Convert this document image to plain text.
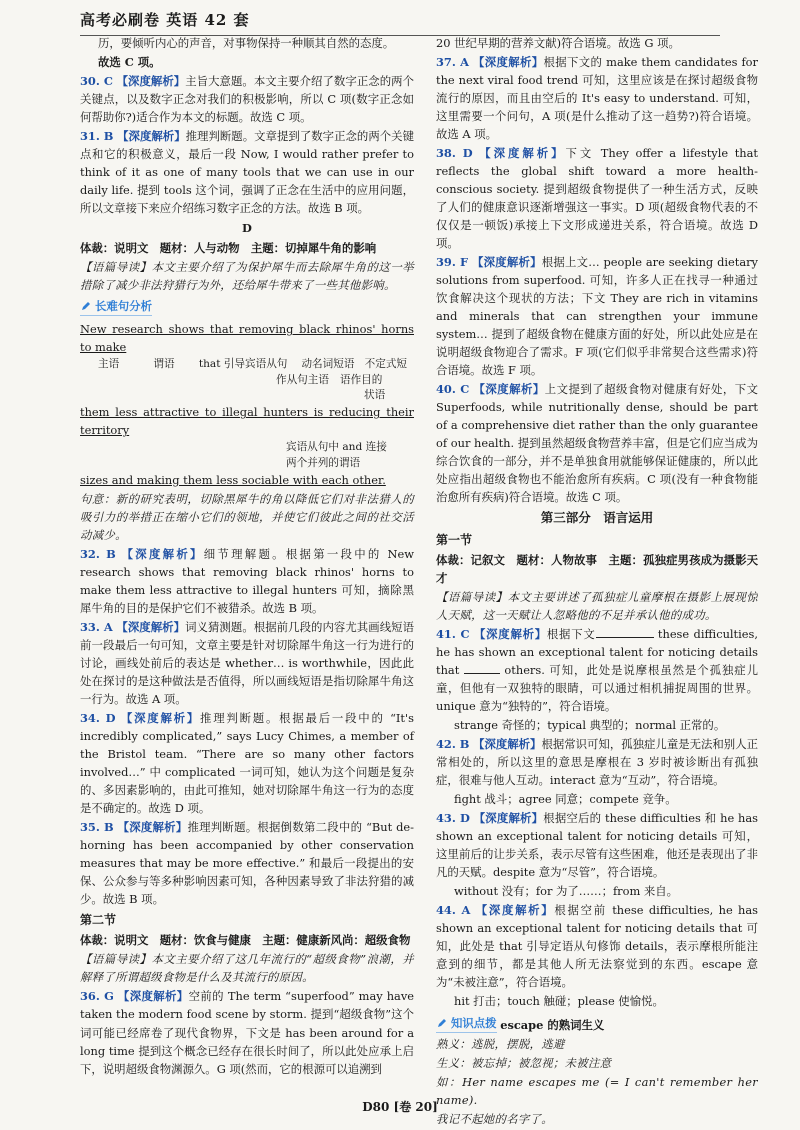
高考必刷卷 英语 42 套

历，要倾听内心的声音，对事物保持一种顺其自然的态度。

故选 C 项。

30. C 【深度解析】主旨大意题。本文主要介绍了数字正念的两个关键点，以及数字正念对我们的积极影响，所以 C 项(数字正念如何帮助你?)适合作为本文的标题。故选 C 项。

31. B 【深度解析】推理判断题。文章提到了数字正念的两个关键点和它的积极意义，最后一段 Now, I would rather prefer to think of it as one of many tools that we can use in our daily life. 提到 tools 这个词，强调了正念在生活中的应用问题，所以文章接下来应介绍练习数字正念的方法。故选 B 项。

D

体裁：说明文　题材：人与动物　主题：切掉犀牛角的影响

【语篇导读】本文主要介绍了为保护犀牛而去除犀牛角的这一举措除了减少非法狩猎行为外，还给犀牛带来了一些其他影响。

长难句分析

New research shows that removing black rhinos' horns to make

主语	谓语	that 引导宾语从句	动名词短语 不定式短
作从句主语	语作目的
状语

them less attractive to illegal hunters is reducing their territory

宾语从句中 and 连接
两个并列的谓语

sizes and making them less sociable with each other.

句意：新的研究表明，切除黑犀牛的角以降低它们对非法猎人的吸引力的举措正在缩小它们的领地，并使它们彼此之间的社交活动减少。

32. B 【深度解析】细节理解题。根据第一段中的 New research shows that removing black rhinos' horns to make them less attractive to illegal hunters 可知，摘除黑犀牛角的目的是保护它们不被猎杀。故选 B 项。

33. A 【深度解析】词义猜测题。根据前几段的内容尤其画线短语前一段最后一句可知，文章主要是针对切除犀牛角这一行为进行的讨论，画线处前后的表达是 whether… is worthwhile，因此此处在探讨的是这种做法是否值得，所以画线短语是指切除犀牛角这一行为。故选 A 项。

34. D 【深度解析】推理判断题。根据最后一段中的 “It's incredibly complicated,” says Lucy Chimes, a member of the Bristol team. “There are so many other factors involved…” 中 complicated 一词可知，她认为这个问题是复杂的、多因素影响的，由此可推知，她对切除犀牛角这一行为的态度是不确定的。故选 D 项。

35. B 【深度解析】推理判断题。根据倒数第二段中的 “But de-horning has been accompanied by other conservation measures that may be more effective.” 和最后一段提出的安保、公众参与等多种影响因素可知，各种因素导致了非法狩猎的减少。故选 B 项。

第二节

体裁：说明文　题材：饮食与健康　主题：健康新风尚：超级食物

【语篇导读】本文主要介绍了这几年流行的“超级食物”浪潮，并解释了所谓超级食物是什么及其流行的原因。

36. G 【深度解析】空前的 The term “superfood” may have taken the modern food scene by storm. 提到“超级食物”这个词可能已经席卷了现代食物界，下文是 has been around for a long time 提到这个概念已经存在很长时间了，所以此处应承上启下，说明超级食物渊源久。G 项(然而，它的根源可以追溯到

20 世纪早期的营养文献)符合语境。故选 G 项。

37. A 【深度解析】根据下文的 make them candidates for the next viral food trend 可知，这里应该是在探讨超级食物流行的原因，而且由空后的 It's easy to understand. 可知，这里需要一个问句，A 项(是什么推动了这一趋势?)符合语境。故选 A 项。

38. D 【深度解析】下文 They offer a lifestyle that reflects the global shift toward a more health-conscious society. 提到超级食物提供了一种生活方式，反映了人们的健康意识逐渐增强这一事实。D 项(超级食物代表的不仅仅是一顿饭)承接上下文形成递进关系，符合语境。故选 D 项。

39. F 【深度解析】根据上文… people are seeking dietary solutions from superfood. 可知，许多人正在找寻一种通过饮食解决这个现状的方法；下文 They are rich in vitamins and minerals that can strengthen your immune system… 提到了超级食物在健康方面的好处，所以此处应是在说明超级食物迎合了需求。F 项(它们似乎非常契合这些需求)符合语境。故选 F 项。

40. C 【深度解析】上文提到了超级食物对健康有好处，下文 Superfoods, while nutritionally dense, should be part of a comprehensive diet rather than the only guarantee of our health. 提到虽然超级食物营养丰富，但是它们应当成为综合饮食的一部分，并不是单独食用就能够保证健康的，所以此处应指出超级食物也不能治愈所有疾病。C 项(没有一种食物能治愈所有疾病)符合语境。故选 C 项。

第三部分　语言运用

第一节

体裁：记叙文　题材：人物故事　主题：孤独症男孩成为摄影天才

【语篇导读】本文主要讲述了孤独症儿童摩根在摄影上展现惊人天赋，这一天赋让人忽略他的不足并承认他的成功。

41. C 【深度解析】根据下文	these difficulties, he has shown an exceptional talent for noticing details that	others. 可知，此处是说摩根虽然是个孤独症儿童，但他有一双独特的眼睛，可以通过相机捕捉周围的世界。unique 意为“独特的”，符合语境。

strange 奇怪的；typical 典型的；normal 正常的。

42. B 【深度解析】根据常识可知，孤独症儿童是无法和别人正常相处的，所以这里的意思是摩根在 3 岁时被诊断出有孤独症，很难与他人互动。interact 意为“互动”，符合语境。

fight 战斗；agree 同意；compete 竞争。

43. D 【深度解析】根据空后的 these difficulties 和 he has shown an exceptional talent for noticing details 可知，这里前后的让步关系，表示尽管有这些困难，他还是表现出了非凡的天赋。despite 意为“尽管”，符合语境。

without 没有；for 为了……；from 来自。

44. A 【深度解析】根据空前 these difficulties, he has shown an exceptional talent for noticing details that 可知，此处是 that 引导定语从句修饰 details，表示摩根所能注意到的细节，都是其他人所无法察觉到的东西。escape 意为“未被注意”，符合语境。

hit 打击；touch 触碰；please 使愉悦。

知识点拨 escape 的熟词生义

熟义：逃脱，摆脱，逃避

生义：被忘掉；被忽视；未被注意

如：Her name escapes me (= I can't remember her name).

我记不起她的名字了。

D80 [卷 20]
